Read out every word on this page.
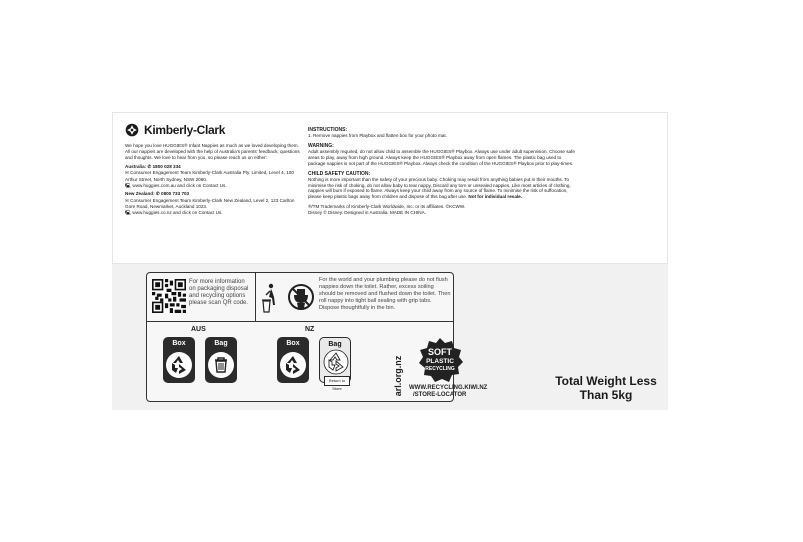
Kimberly-Clark

We hope you love HUGGIES® Infant Nappies as much as we loved developing them. All our nappies are developed with the help of Australia's parents' feedback, questions and thoughts. We love to hear from you, so please reach us on either:

Australia: ✆ 1800 028 334

✉ Consumer Engagement Team Kimberly-Clark Australia Pty. Limited, Level 4, 100 Arthur Street, North Sydney, NSW 2060.

🖳 www.huggies.com.au and click on Contact Us.

New Zealand: ✆ 0800 733 703

✉ Consumer Engagement Team Kimberly-Clark New Zealand, Level 2, 123 Carlton Gore Road, Newmarket, Auckland 1023.

🖳 www.huggies.co.nz and click on Contact Us.

INSTRUCTIONS:

1. Remove nappies from Playbox and flatten box for your photo mat.

WARNING:

Adult assembly required, do not allow child to assemble the HUGGIES® Playbox. Always use under adult supervision. Choose safe areas to play, away from high ground. Always keep the HUGGIES® Playbox away from open flames. The plastic bag used to package nappies is not part of the HUGGIES® Playbox. Always check the condition of the HUGGIES® Playbox prior to play-times.

CHILD SAFETY CAUTION:

Nothing is more important than the safety of your precious baby. Choking may result from anything babies put in their mouths. To minimise the risk of choking, do not allow baby to tear nappy. Discard any torn or unsealed nappies. Like most articles of clothing, nappies will burn if exposed to flame. Always keep your child away from any source of flame. To minimise the risk of suffocation, please keep plastic bags away from children and dispose of this bag after use. Not for individual resale.

®/TM Trademarks of Kimberly-Clark Worldwide, Inc. or its affiliates. ©KCWW.

Disney © Disney. Designed in Australia. MADE IN CHINA.

For more information on packaging disposal and recycling options please scan QR code.
For the world and your plumbing please do not flush nappies down the toilet. Rather, excess soiling should be removed and flushed down the toilet. Then roll nappy into tight ball sealing with grip tabs. Dispose thoughtfully in the bin.
AUS	NZ
Box	Bag	Box	Bag
Return to Store	arl.org.nz
SOFT
PLASTIC
RECYCLING
WWW.RECYCLING.KIWI.NZ
/STORE-LOCATOR
Total Weight Less
Than 5kg
